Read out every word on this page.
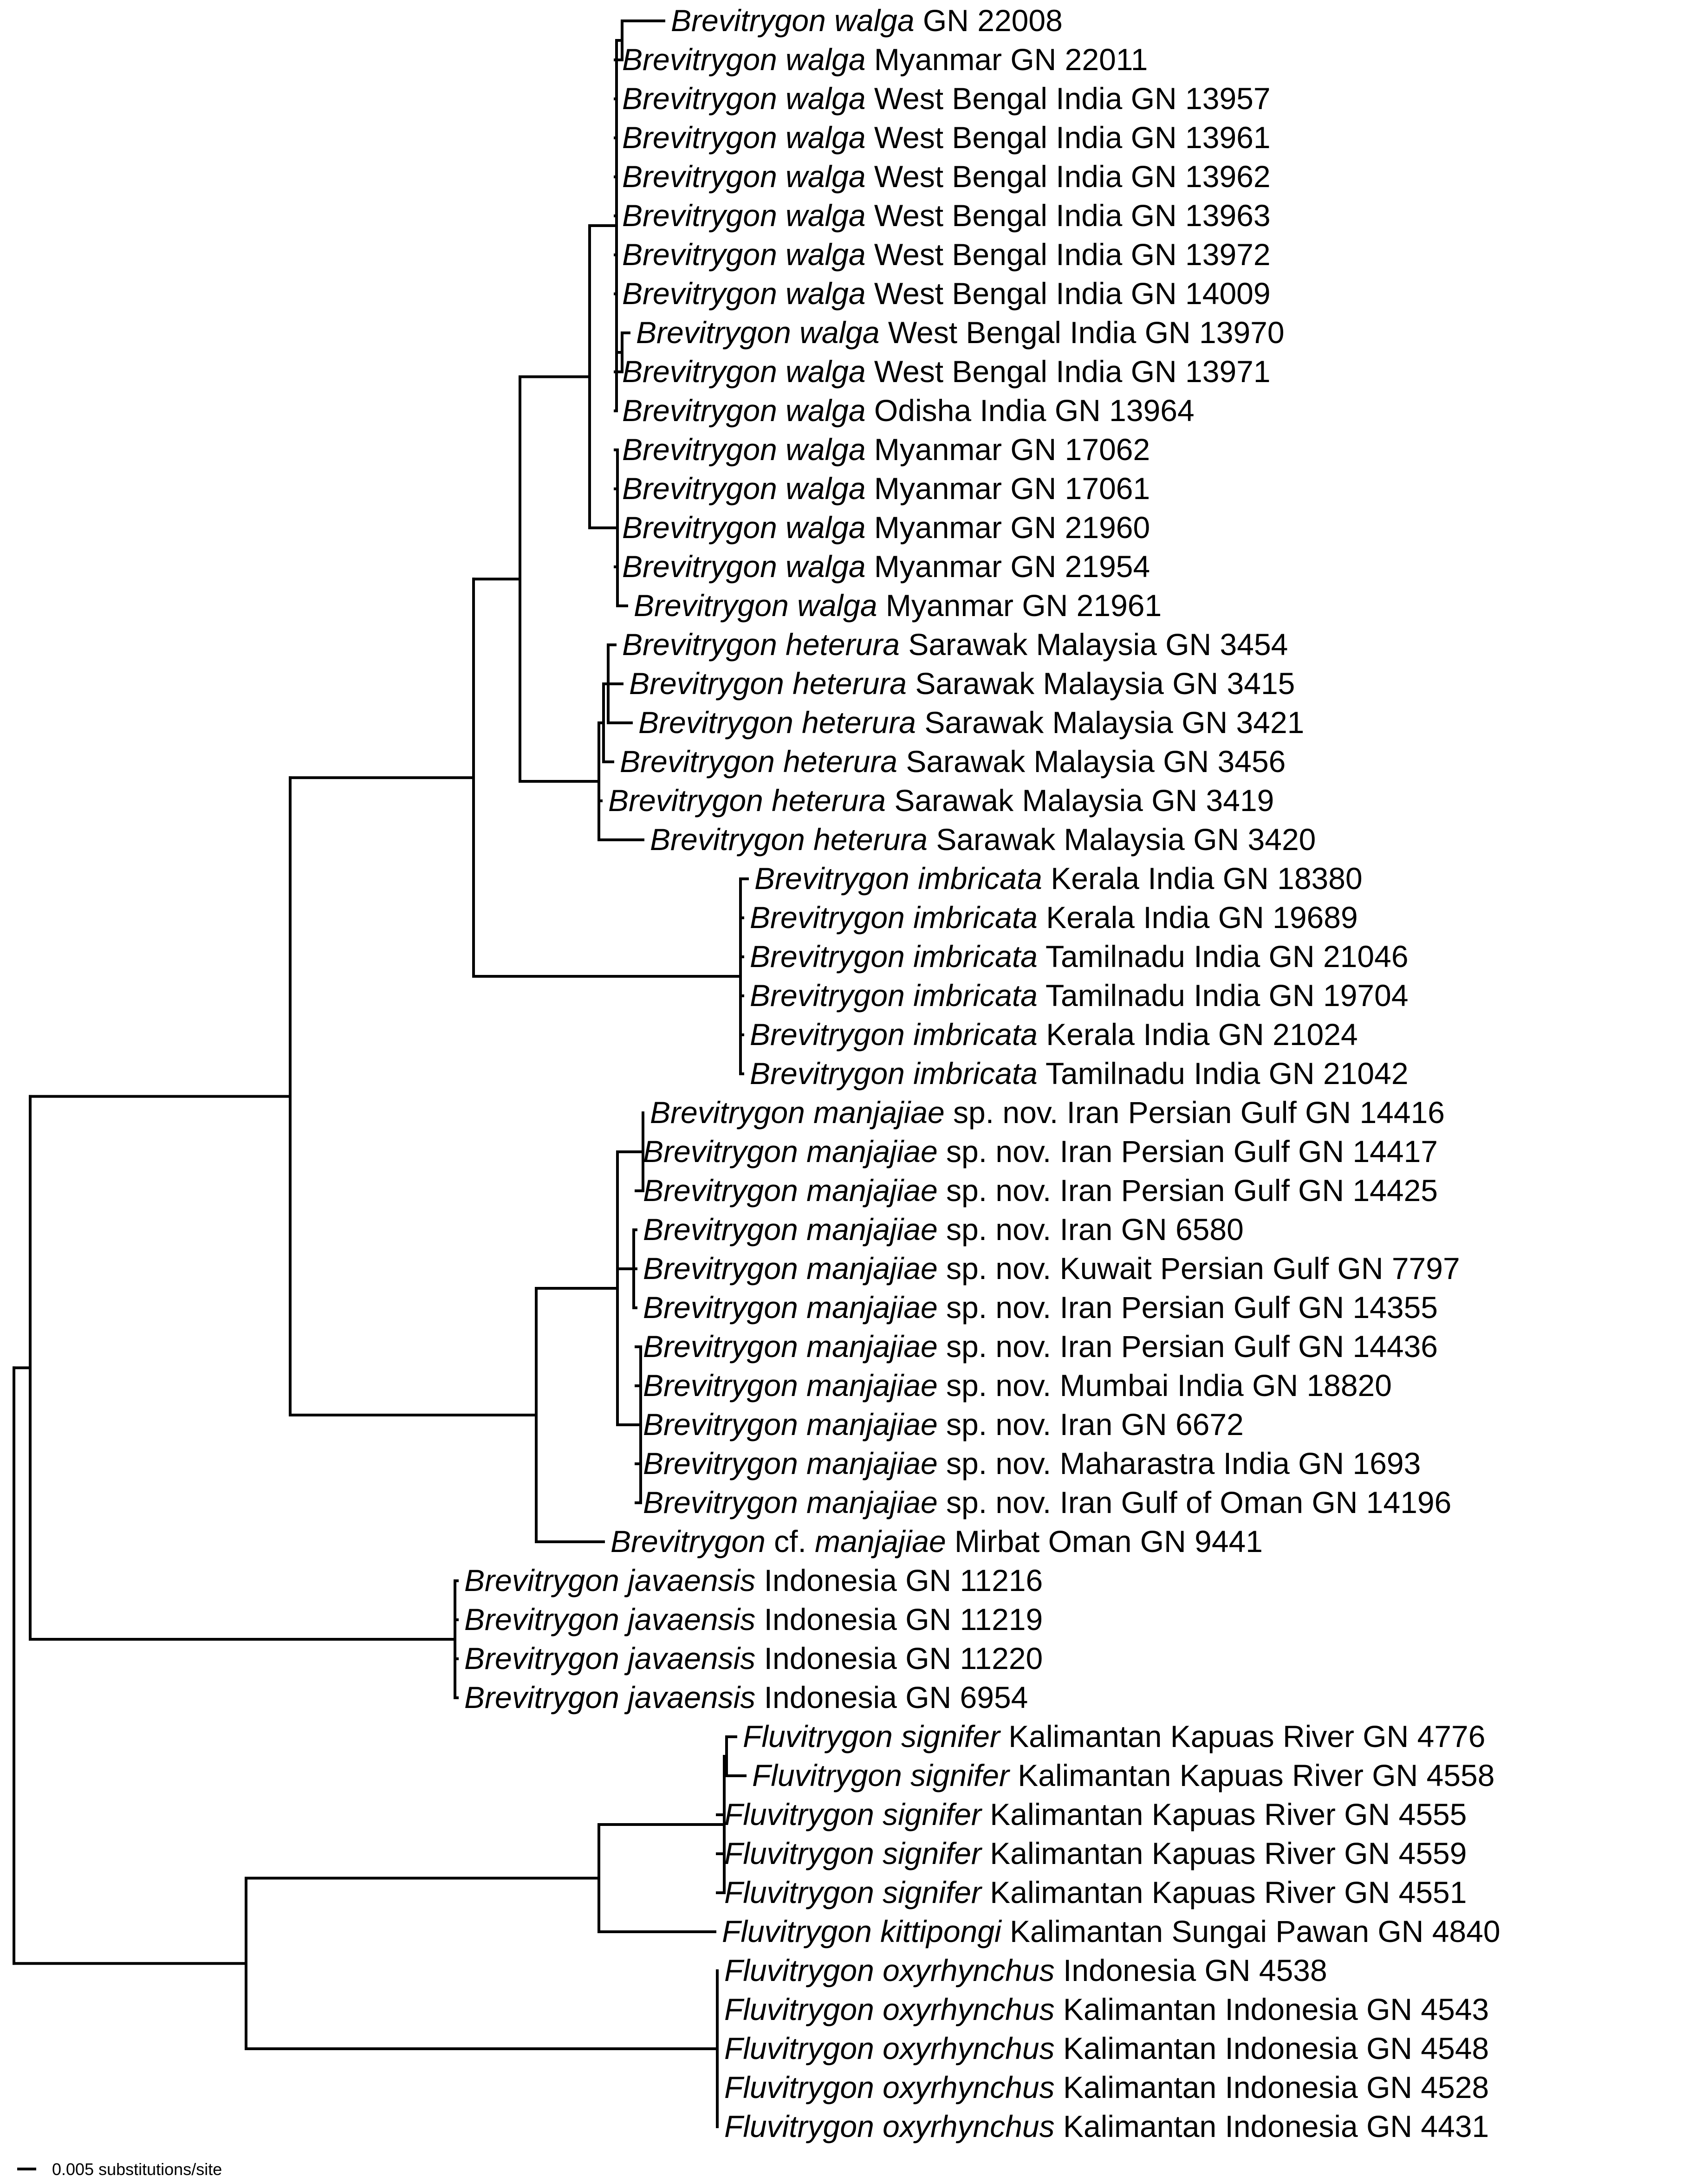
Brevitrygon walga GN 22008
Brevitrygon walga Myanmar GN 22011
Brevitrygon walga West Bengal India GN 13957
Brevitrygon walga West Bengal India GN 13961
Brevitrygon walga West Bengal India GN 13962
Brevitrygon walga West Bengal India GN 13963
Brevitrygon walga West Bengal India GN 13972
Brevitrygon walga West Bengal India GN 14009
Brevitrygon walga West Bengal India GN 13970
Brevitrygon walga West Bengal India GN 13971
Brevitrygon walga Odisha India GN 13964
Brevitrygon walga Myanmar GN 17062
Brevitrygon walga Myanmar GN 17061
Brevitrygon walga Myanmar GN 21960
Brevitrygon walga Myanmar GN 21954
Brevitrygon walga Myanmar GN 21961
Brevitrygon heterura Sarawak Malaysia GN 3454
Brevitrygon heterura Sarawak Malaysia GN 3415
Brevitrygon heterura Sarawak Malaysia GN 3421
Brevitrygon heterura Sarawak Malaysia GN 3456
Brevitrygon heterura Sarawak Malaysia GN 3419
Brevitrygon heterura Sarawak Malaysia GN 3420
Brevitrygon imbricata Kerala India GN 18380
Brevitrygon imbricata Kerala India GN 19689
Brevitrygon imbricata Tamilnadu India GN 21046
Brevitrygon imbricata Tamilnadu India GN 19704
Brevitrygon imbricata Kerala India GN 21024
Brevitrygon imbricata Tamilnadu India GN 21042
Brevitrygon manjajiae sp. nov. Iran Persian Gulf GN 14416
Brevitrygon manjajiae sp. nov. Iran Persian Gulf GN 14417
Brevitrygon manjajiae sp. nov. Iran Persian Gulf GN 14425
Brevitrygon manjajiae sp. nov. Iran GN 6580
Brevitrygon manjajiae sp. nov. Kuwait Persian Gulf GN 7797
Brevitrygon manjajiae sp. nov. Iran Persian Gulf GN 14355
Brevitrygon manjajiae sp. nov. Iran Persian Gulf GN 14436
Brevitrygon manjajiae sp. nov. Mumbai India GN 18820
Brevitrygon manjajiae sp. nov. Iran GN 6672
Brevitrygon manjajiae sp. nov. Maharastra India GN 1693
Brevitrygon manjajiae sp. nov. Iran Gulf of Oman GN 14196
Brevitrygon cf. manjajiae Mirbat Oman GN 9441
Brevitrygon javaensis Indonesia GN 11216
Brevitrygon javaensis Indonesia GN 11219
Brevitrygon javaensis Indonesia GN 11220
Brevitrygon javaensis Indonesia GN 6954
Fluvitrygon signifer Kalimantan Kapuas River GN 4776
Fluvitrygon signifer Kalimantan Kapuas River GN 4558
Fluvitrygon signifer Kalimantan Kapuas River GN 4555
Fluvitrygon signifer Kalimantan Kapuas River GN 4559
Fluvitrygon signifer Kalimantan Kapuas River GN 4551
Fluvitrygon kittipongi Kalimantan Sungai Pawan GN 4840
Fluvitrygon oxyrhynchus Indonesia GN 4538
Fluvitrygon oxyrhynchus Kalimantan Indonesia GN 4543
Fluvitrygon oxyrhynchus Kalimantan Indonesia GN 4548
Fluvitrygon oxyrhynchus Kalimantan Indonesia GN 4528
Fluvitrygon oxyrhynchus Kalimantan Indonesia GN 4431
0.005 substitutions/site
